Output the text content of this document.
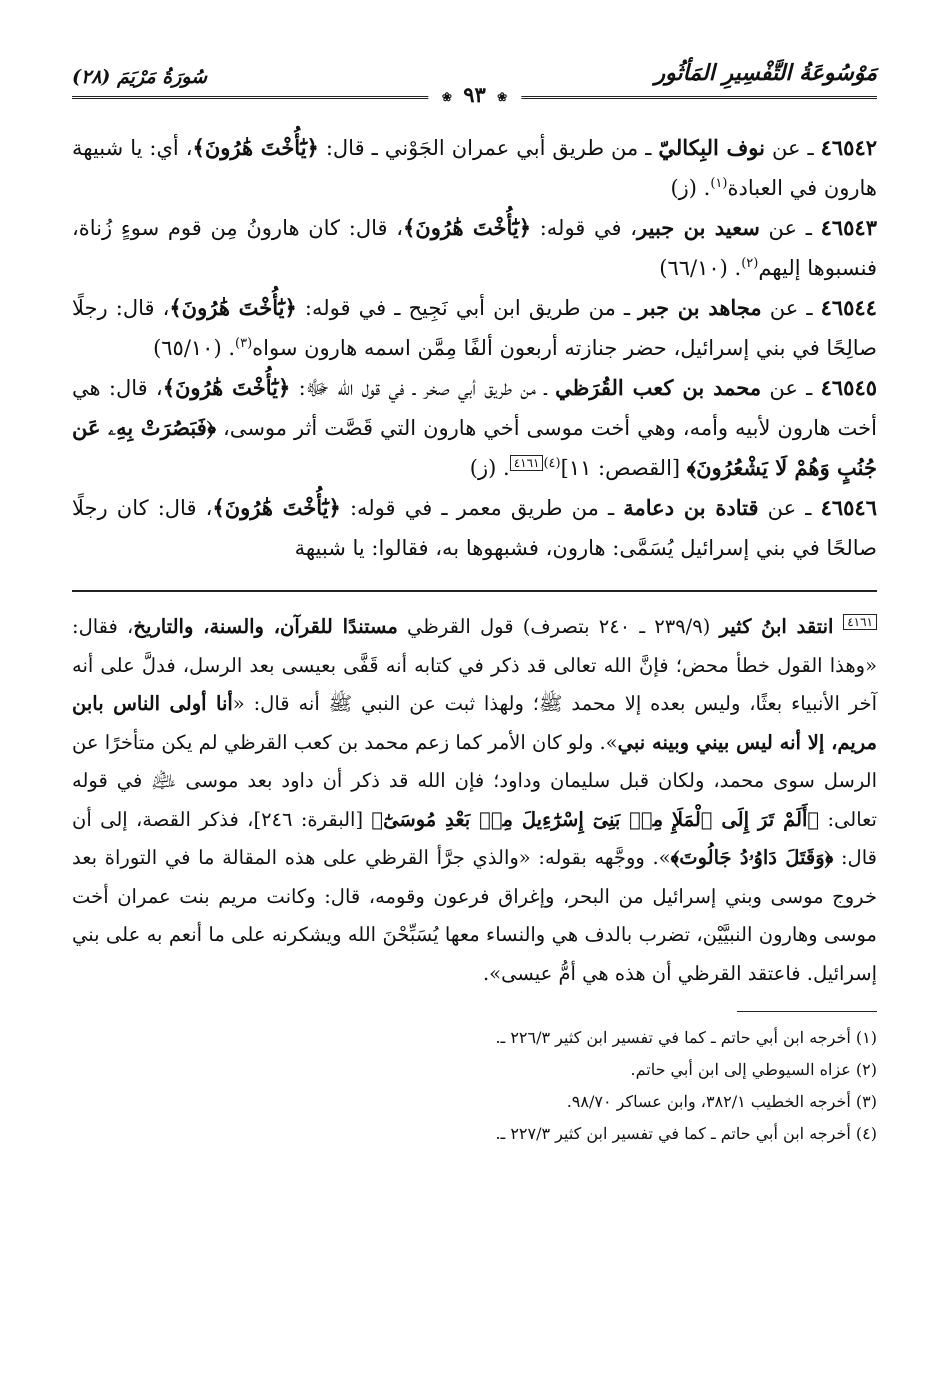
مَوْسُوعَةُ التَّفْسِيرِ المَأثُور
سُورَةُ مَرْيَمَ (٢٨)
❀ ٩٣ ❀

٤٦٥٤٢ ـ عن نوف البِكاليّ ـ من طريق أبي عمران الجَوْني ـ قال: ﴿يَٰٓأُخْتَ هَٰرُونَ﴾، أي: يا شبيهة هارون في العبادة$^{(١)}$. (ز)

٤٦٥٤٣ ـ عن سعيد بن جبير، في قوله: ﴿يَٰٓأُخْتَ هَٰرُونَ﴾، قال: كان هارونُ مِن قوم سوءٍ زُناة، فنسبوها إليهم$^{(٢)}$. (٦٦/١٠)

٤٦٥٤٤ ـ عن مجاهد بن جبر ـ من طريق ابن أبي نَجِيح ـ في قوله: ﴿يَٰٓأُخْتَ هَٰرُونَ﴾، قال: رجلًا صالِحًا في بني إسرائيل، حضر جنازته أربعون ألفًا مِمَّن اسمه هارون سواه$^{(٣)}$. (٦٥/١٠)

٤٦٥٤٥ ـ عن محمد بن كعب القُرَظي ـ من طريق أبي صخر ـ في قول الله ﷻ: ﴿يَٰٓأُخْتَ هَٰرُونَ﴾، قال: هي أخت هارون لأبيه وأمه، وهي أخت موسى أخي هارون التي قَصَّت أثر موسى، ﴿فَبَصُرَتْ بِهِۦ عَن جُنُبٍ وَهُمْ لَا يَشْعُرُونَ﴾ [القصص: ١١]$^{(٤)}$٤١٦١. (ز)

٤٦٥٤٦ ـ عن قتادة بن دعامة ـ من طريق معمر ـ في قوله: ﴿يَٰٓأُخْتَ هَٰرُونَ﴾، قال: كان رجلًا صالحًا في بني إسرائيل يُسَمَّى: هارون، فشبهوها به، فقالوا: يا شبيهة

٤١٦١ انتقد ابنُ كثير (٢٣٩/٩ ـ ٢٤٠ بتصرف) قول القرظي مستندًا للقرآن، والسنة، والتاريخ، فقال: «وهذا القول خطأ محض؛ فإنَّ الله تعالى قد ذكر في كتابه أنه قَفَّى بعيسى بعد الرسل، فدلَّ على أنه آخر الأنبياء بعثًا، وليس بعده إلا محمد ﷺ؛ ولهذا ثبت عن النبي ﷺ أنه قال: «أنا أولى الناس بابن مريم، إلا أنه ليس بيني وبينه نبي». ولو كان الأمر كما زعم محمد بن كعب القرظي لم يكن متأخرًا عن الرسل سوى محمد، ولكان قبل سليمان وداود؛ فإن الله قد ذكر أن داود بعد موسى ﵇ في قوله تعالى: ﴿أَلَمْ تَرَ إِلَى ٱلْمَلَإِ مِنۢ بَنِىٓ إِسْرَٰٓءِيلَ مِنۢ بَعْدِ مُوسَىٰٓ﴾ [البقرة: ٢٤٦]، فذكر القصة، إلى أن قال: ﴿وَقَتَلَ دَاوُۥدُ جَالُوتَ﴾». ووجَّهه بقوله: «والذي جرَّأ القرظي على هذه المقالة ما في التوراة بعد خروج موسى وبني إسرائيل من البحر، وإغراق فرعون وقومه، قال: وكانت مريم بنت عمران أخت موسى وهارون النبيَّيْن، تضرب بالدف هي والنساء معها يُسَبِّحْنَ الله ويشكرنه على ما أنعم به على بني إسرائيل. فاعتقد القرظي أن هذه هي أمُّ عيسى».

(١) أخرجه ابن أبي حاتم ـ كما في تفسير ابن كثير ٢٢٦/٣ ـ.

(٢) عزاه السيوطي إلى ابن أبي حاتم.

(٣) أخرجه الخطيب ٣٨٢/١، وابن عساكر ٩٨/٧٠.

(٤) أخرجه ابن أبي حاتم ـ كما في تفسير ابن كثير ٢٢٧/٣ ـ.
